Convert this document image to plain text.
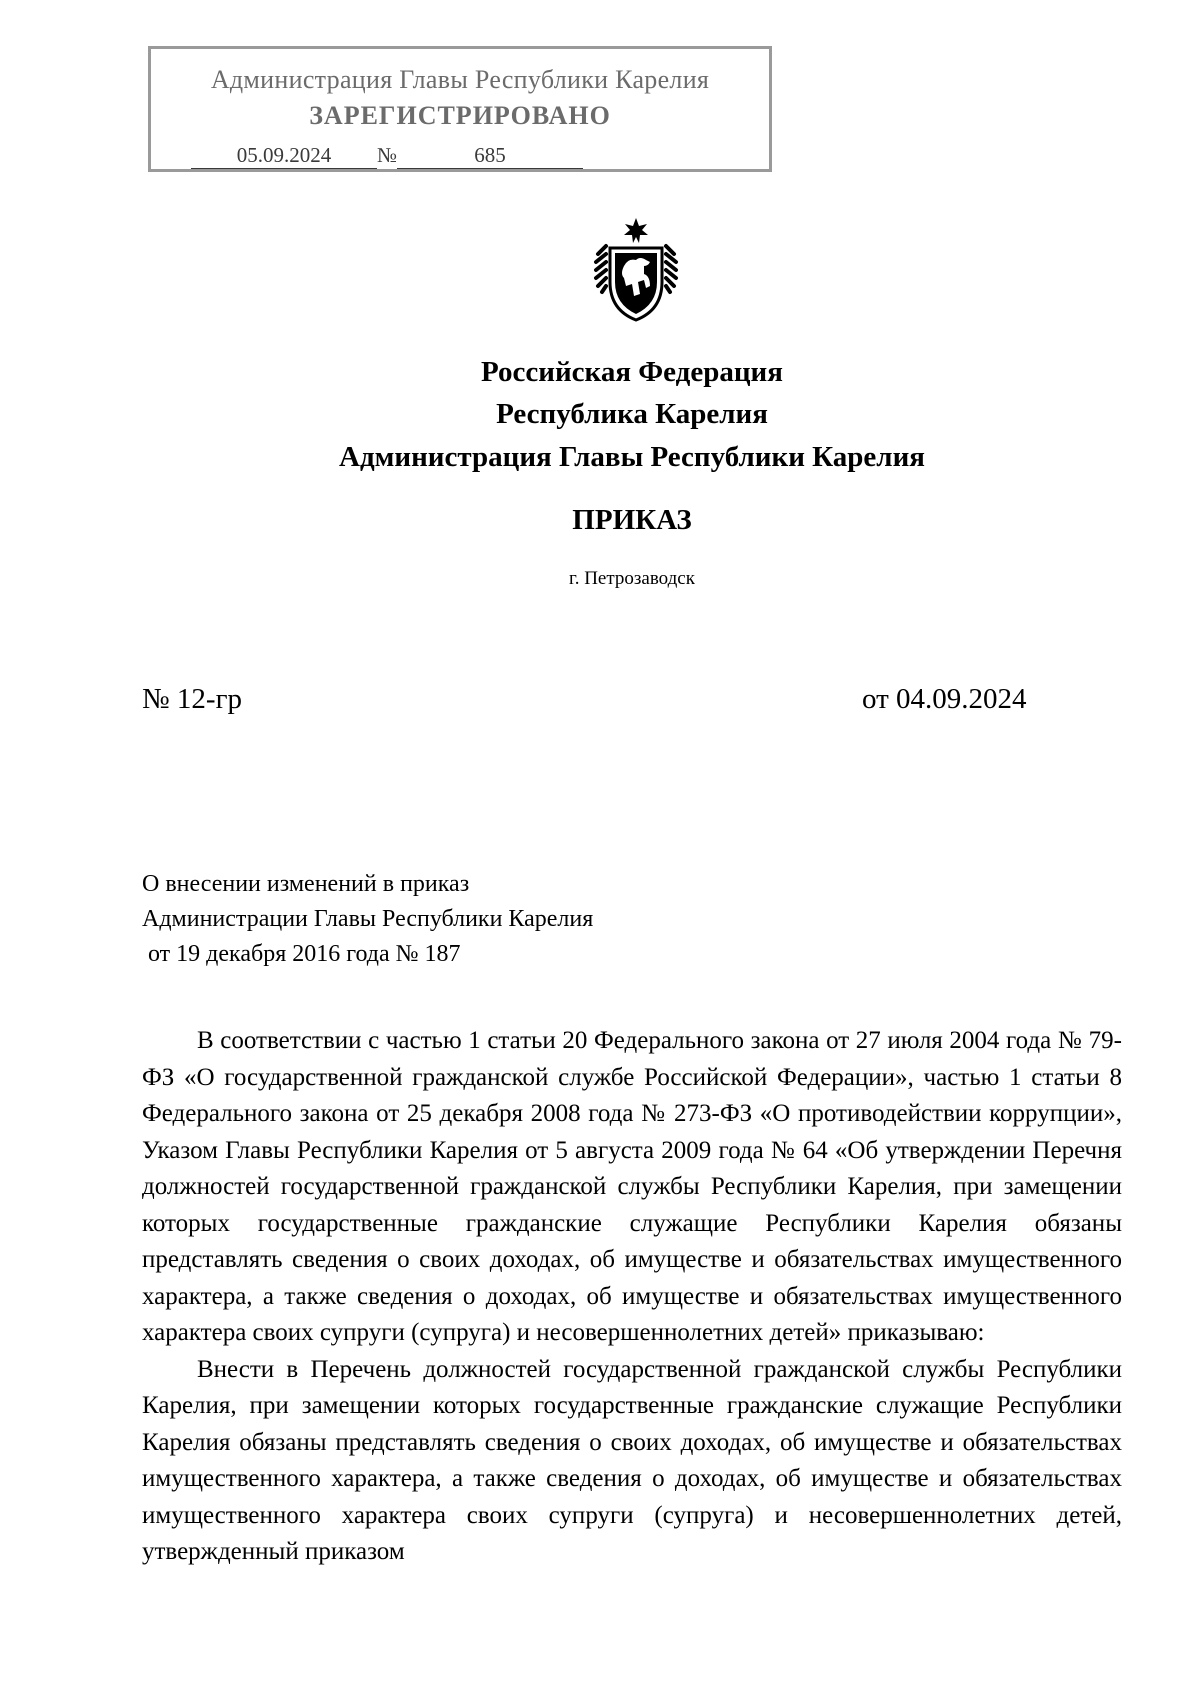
Администрация Главы Республики Карелия
ЗАРЕГИСТРИРОВАНО
05.09.2024 №	685
Российская Федерация
Республика Карелия
Администрация Главы Республики Карелия
ПРИКАЗ
г. Петрозаводск
№ 12-гр	от 04.09.2024
О внесении изменений в приказ
Администрации Главы Республики Карелия
от 19 декабря 2016 года № 187

В соответствии с частью 1 статьи 20 Федерального закона от 27 июля 2004 года № 79-ФЗ «О государственной гражданской службе Российской Федерации», частью 1 статьи 8 Федерального закона от 25 декабря 2008 года № 273-ФЗ «О противодействии коррупции», Указом Главы Республики Карелия от 5 августа 2009 года № 64 «Об утверждении Перечня должностей государственной гражданской службы Республики Карелия, при замещении которых государственные гражданские служащие Республики Карелия обязаны представлять сведения о своих доходах, об имуществе и обязательствах имущественного характера, а также сведения о доходах, об имуществе и обязательствах имущественного характера своих супруги (супруга) и несовершеннолетних детей» приказываю:

Внести в Перечень должностей государственной гражданской службы Республики Карелия, при замещении которых государственные гражданские служащие Республики Карелия обязаны представлять сведения о своих доходах, об имуществе и обязательствах имущественного характера, а также сведения о доходах, об имуществе и обязательствах имущественного характера своих супруги (супруга) и несовершеннолетних детей, утвержденный приказом
